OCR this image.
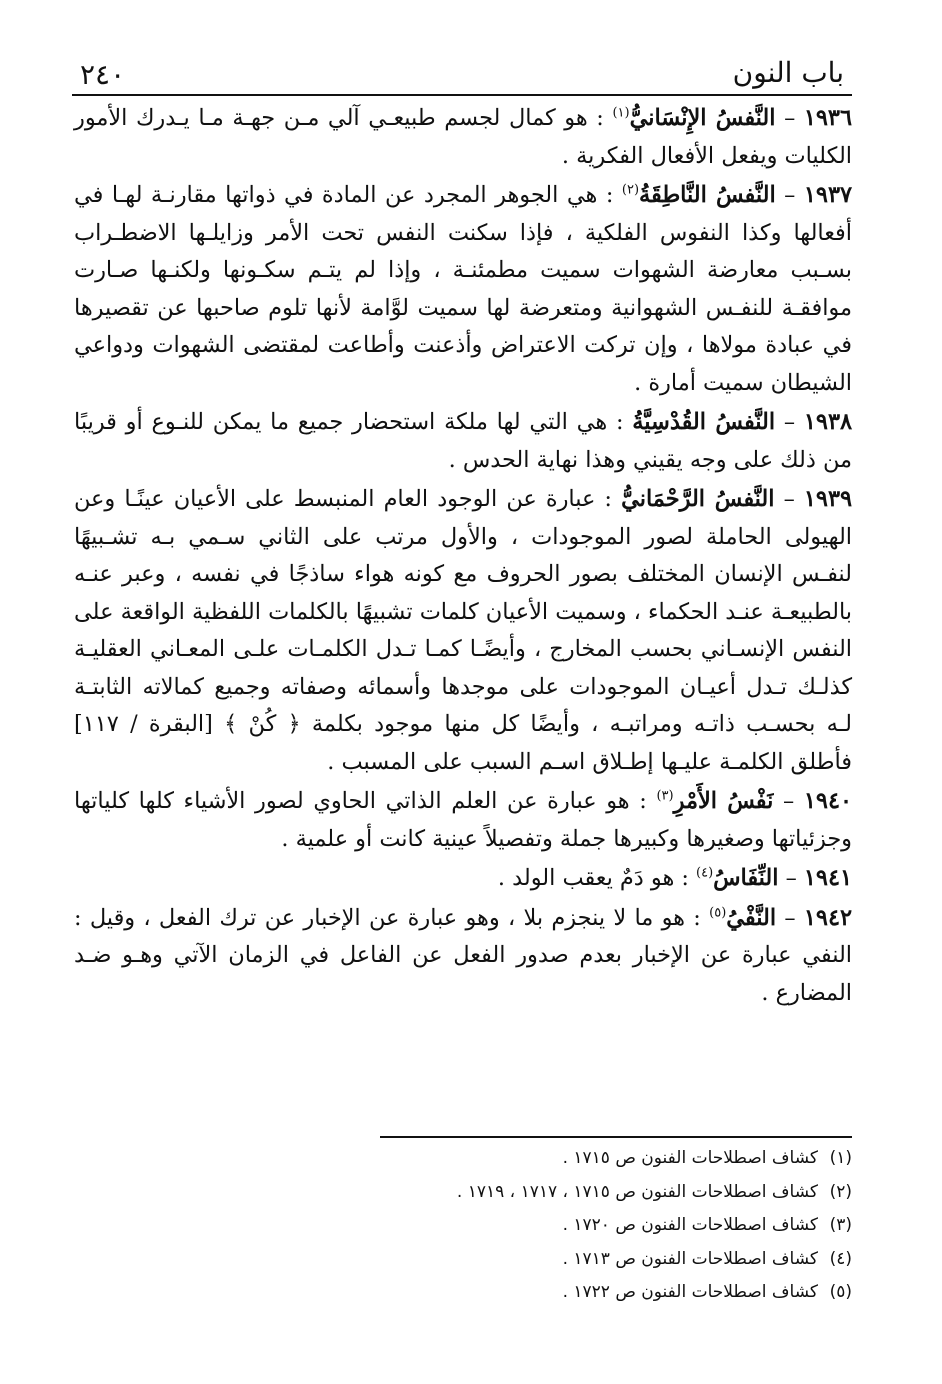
٢٤٠	باب النون

١٩٣٦ – النَّفسُ الإِنْسَانيُّ$^{(١)}$ : هو كمال لجسم طبيعـي آلي مـن جهـة مـا يـدرك الأمور الكليات ويفعل الأفعال الفكرية .

١٩٣٧ – النَّفسُ النَّاطِقَةُ$^{(٢)}$ : هي الجوهر المجرد عن المادة في ذواتها مقارنـة لهـا في أفعالها وكذا النفوس الفلكية ، فإذا سكنت النفس تحت الأمر وزايلـها الاضطـراب بسـبب معارضة الشهوات سميت مطمئنـة ، وإذا لم يتـم سكـونها ولكنـها صـارت موافقـة للنفـس الشهوانية ومتعرضة لها سميت لوَّامة لأنها تلوم صاحبها عن تقصيرها في عبادة مولاها ، وإن تركت الاعتراض وأذعنت وأطاعت لمقتضى الشهوات ودواعي الشيطان سميت أمارة .

١٩٣٨ – النَّفسُ القُدْسِيَّةُ : هي التي لها ملكة استحضار جميع ما يمكن للنـوع أو قريبًا من ذلك على وجه يقيني وهذا نهاية الحدس .

١٩٣٩ – النَّفسُ الرَّحْمَانيُّ : عبارة عن الوجود العام المنبسط على الأعيان عينًـا وعن الهيولى الحاملة لصور الموجودات ، والأول مرتب على الثاني سـمي بـه تشـبيهًا لنفـس الإنسان المختلف بصور الحروف مع كونه هواء ساذجًا في نفسه ، وعبر عنـه بالطبيعـة عنـد الحكماء ، وسميت الأعيان كلمات تشبيهًا بالكلمات اللفظية الواقعة على النفس الإنسـاني بحسب المخارج ، وأيضًـا كمـا تـدل الكلمـات علـى المعـاني العقليـة كذلـك تـدل أعيـان الموجودات على موجدها وأسمائه وصفاته وجميع كمالاته الثابتـة لـه بحسـب ذاتـه ومراتبـه ، وأيضًا كل منها موجود بكلمة ﴿ كُنْ ﴾ [البقرة / ١١٧] فأطلق الكلمـة عليـها إطـلاق اسـم السبب على المسبب .

١٩٤٠ – نَفْسُ الأَمْرِ$^{(٣)}$ : هو عبارة عن العلم الذاتي الحاوي لصور الأشياء كلها كلياتها وجزئياتها وصغيرها وكبيرها جملة وتفصيلاً عينية كانت أو علمية .

١٩٤١ – النِّفَاسُ$^{(٤)}$ : هو دَمٌ يعقب الولد .

١٩٤٢ – النَّفْيُ$^{(٥)}$ : هو ما لا ينجزم بلا ، وهو عبارة عن الإخبار عن ترك الفعل ، وقيل : النفي عبارة عن الإخبار بعدم صدور الفعل عن الفاعل في الزمان الآتي وهـو ضـد المضارع .

(١)كشاف اصطلاحات الفنون ص ١٧١٥ .
(٢)كشاف اصطلاحات الفنون ص ١٧١٥ ، ١٧١٧ ، ١٧١٩ .
(٣)كشاف اصطلاحات الفنون ص ١٧٢٠ .
(٤)كشاف اصطلاحات الفنون ص ١٧١٣ .
(٥)كشاف اصطلاحات الفنون ص ١٧٢٢ .
